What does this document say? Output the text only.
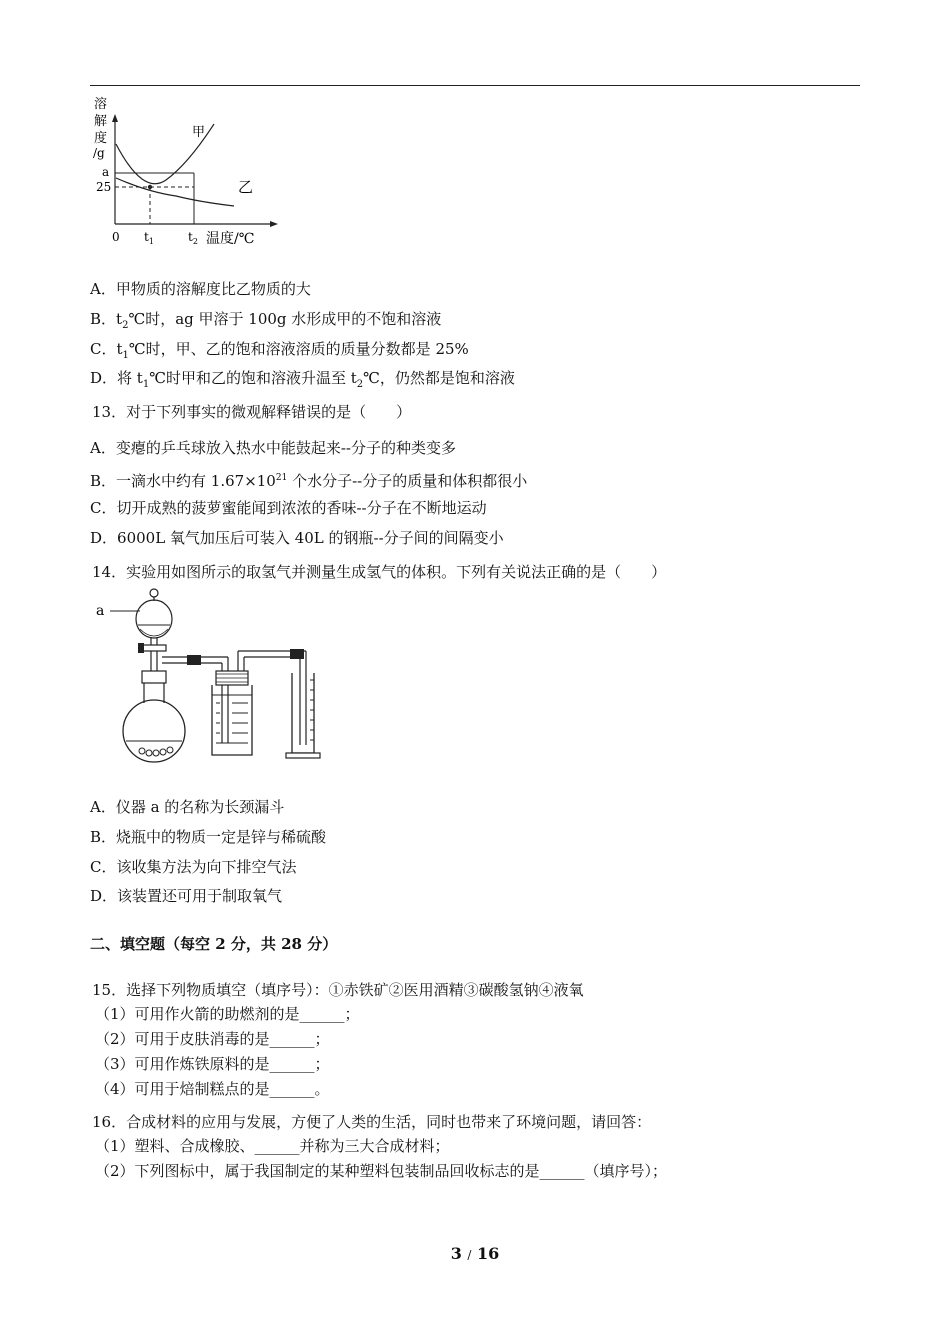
溶
解
度
/g
甲
乙
a
25
0 $t_1$	$t_2$ 温度/℃
A．甲物质的溶解度比乙物质的大
B．$t_2℃$时，ag 甲溶于 100g 水形成甲的不饱和溶液
C．$t_1℃$时，甲、乙的饱和溶液溶质的质量分数都是 25%
D．将 $t_1℃$时甲和乙的饱和溶液升温至 $t_2℃$，仍然都是饱和溶液
13．对于下列事实的微观解释错误的是（　　）
A．变瘪的乒乓球放入热水中能鼓起来--分子的种类变多
B．一滴水中约有 $1.67\times 10^{21}$ 个水分子--分子的质量和体积都很小
C．切开成熟的菠萝蜜能闻到浓浓的香味--分子在不断地运动
D．6000L 氧气加压后可装入 40L 的钢瓶--分子间的间隔变小
14．实验用如图所示的取氢气并测量生成氢气的体积。下列有关说法正确的是（　　）
a
A．仪器 a 的名称为长颈漏斗
B．烧瓶中的物质一定是锌与稀硫酸
C．该收集方法为向下排空气法
D．该装置还可用于制取氧气
二、填空题（每空 2 分，共 28 分）
15．选择下列物质填空（填序号）：①赤铁矿②医用酒精③碳酸氢钠④液氧
（1）可用作火箭的助燃剂的是______；
（2）可用于皮肤消毒的是______；
（3）可用作炼铁原料的是______；
（4）可用于焙制糕点的是______。
16．合成材料的应用与发展，方便了人类的生活，同时也带来了环境问题，请回答：
（1）塑料、合成橡胶、______并称为三大合成材料；
（2）下列图标中，属于我国制定的某种塑料包装制品回收标志的是______（填序号）；
3 / 16
